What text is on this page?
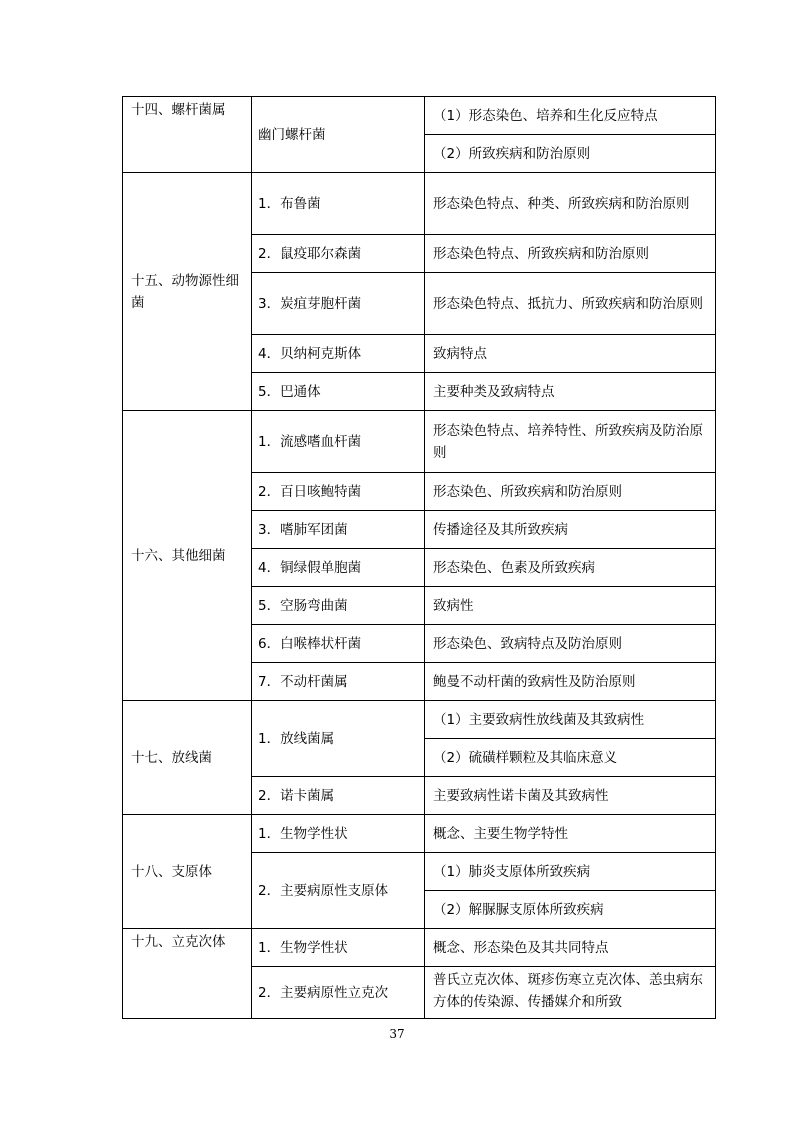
十四、螺杆菌属	幽门螺杆菌	（1）形态染色、培养和生化反应特点
		（2）所致疾病和防治原则
十五、动物源性细菌	1．布鲁菌	形态染色特点、种类、所致疾病和防治原则
	2．鼠疫耶尔森菌	形态染色特点、所致疾病和防治原则
	3．炭疽芽胞杆菌	形态染色特点、抵抗力、所致疾病和防治原则
	4．贝纳柯克斯体	致病特点
	5．巴通体	主要种类及致病特点
十六、其他细菌	1．流感嗜血杆菌	形态染色特点、培养特性、所致疾病及防治原则
	2．百日咳鲍特菌	形态染色、所致疾病和防治原则
	3．嗜肺军团菌	传播途径及其所致疾病
	4．铜绿假单胞菌	形态染色、色素及所致疾病
	5．空肠弯曲菌	致病性
	6．白喉棒状杆菌	形态染色、致病特点及防治原则
	7．不动杆菌属	鲍曼不动杆菌的致病性及防治原则
十七、放线菌	1．放线菌属	（1）主要致病性放线菌及其致病性
		（2）硫磺样颗粒及其临床意义
	2．诺卡菌属	主要致病性诺卡菌及其致病性
十八、支原体	1．生物学性状	概念、主要生物学特性
	2．主要病原性支原体	（1）肺炎支原体所致疾病
		（2）解脲脲支原体所致疾病
十九、立克次体	1．生物学性状	概念、形态染色及其共同特点
	2．主要病原性立克次	普氏立克次体、斑疹伤寒立克次体、恙虫病东方体的传染源、传播媒介和所致
37
